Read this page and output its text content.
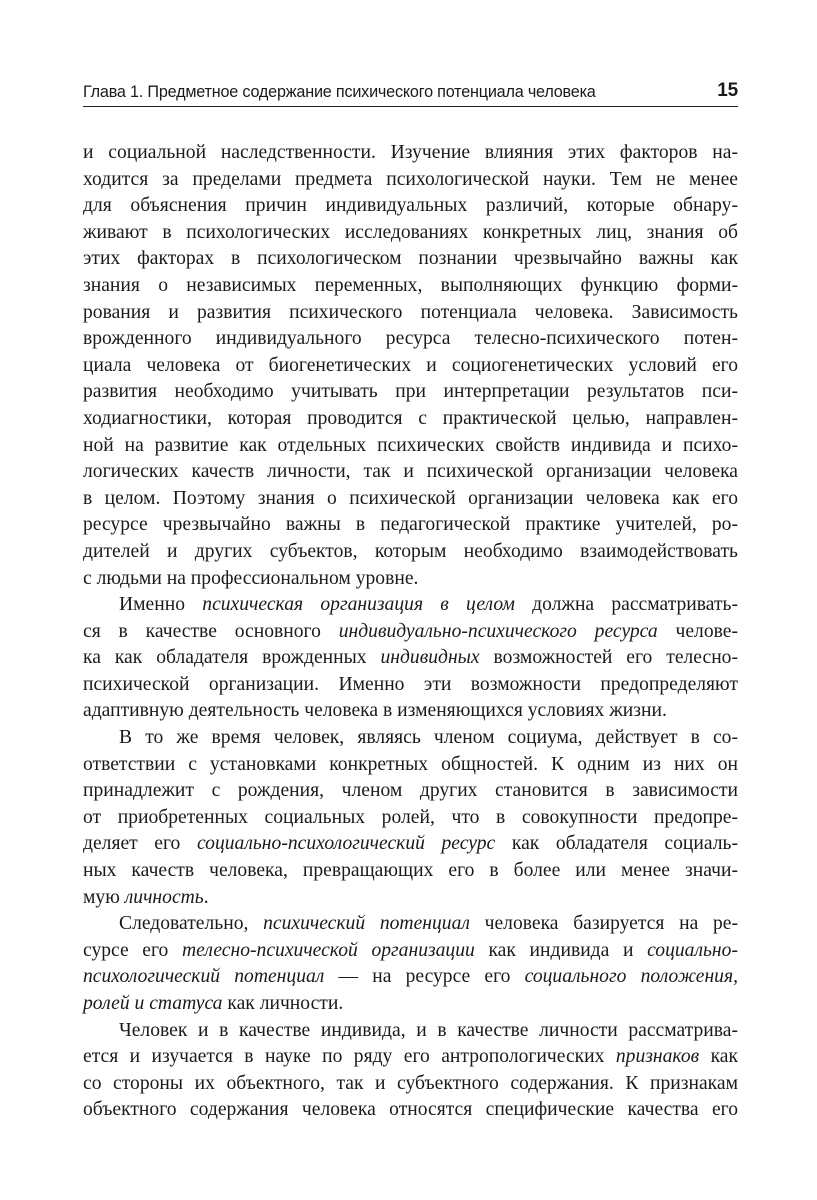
Глава 1. Предметное содержание психического потенциала человека	15

и социальной наследственности. Изучение влияния этих факторов на-
ходится за пределами предмета психологической науки. Тем не менее
для объяснения причин индивидуальных различий, которые обнару-
живают в психологических исследованиях конкретных лиц, знания об
этих факторах в психологическом познании чрезвычайно важны как
знания о независимых переменных, выполняющих функцию форми-
рования и развития психического потенциала человека. Зависимость
врожденного индивидуального ресурса телесно-психического потен-
циала человека от биогенетических и социогенетических условий его
развития необходимо учитывать при интерпретации результатов пси-
ходиагностики, которая проводится с практической целью, направлен-
ной на развитие как отдельных психических свойств индивида и психо-
логических качеств личности, так и психической организации человека
в целом. Поэтому знания о психической организации человека как его
ресурсе чрезвычайно важны в педагогической практике учителей, ро-
дителей и других субъектов, которым необходимо взаимодействовать
с людьми на профессиональном уровне.

Именно психическая организация в целом должна рассматривать-
ся в качестве основного индивидуально-психического ресурса челове-
ка как обладателя врожденных индивидных возможностей его телесно-
психической организации. Именно эти возможности предопределяют
адаптивную деятельность человека в изменяющихся условиях жизни.

В то же время человек, являясь членом социума, действует в со-
ответствии с установками конкретных общностей. К одним из них он
принадлежит с рождения, членом других становится в зависимости
от приобретенных социальных ролей, что в совокупности предопре-
деляет его социально-психологический ресурс как обладателя социаль-
ных качеств человека, превращающих его в более или менее значи-
мую личность.

Следовательно, психический потенциал человека базируется на ре-
сурсе его телесно-психической организации как индивида и социально-
психологический потенциал — на ресурсе его социального положения,
ролей и статуса как личности.

Человек и в качестве индивида, и в качестве личности рассматрива-
ется и изучается в науке по ряду его антропологических признаков как
со стороны их объектного, так и субъектного содержания. К признакам
объектного содержания человека относятся специфические качества его
